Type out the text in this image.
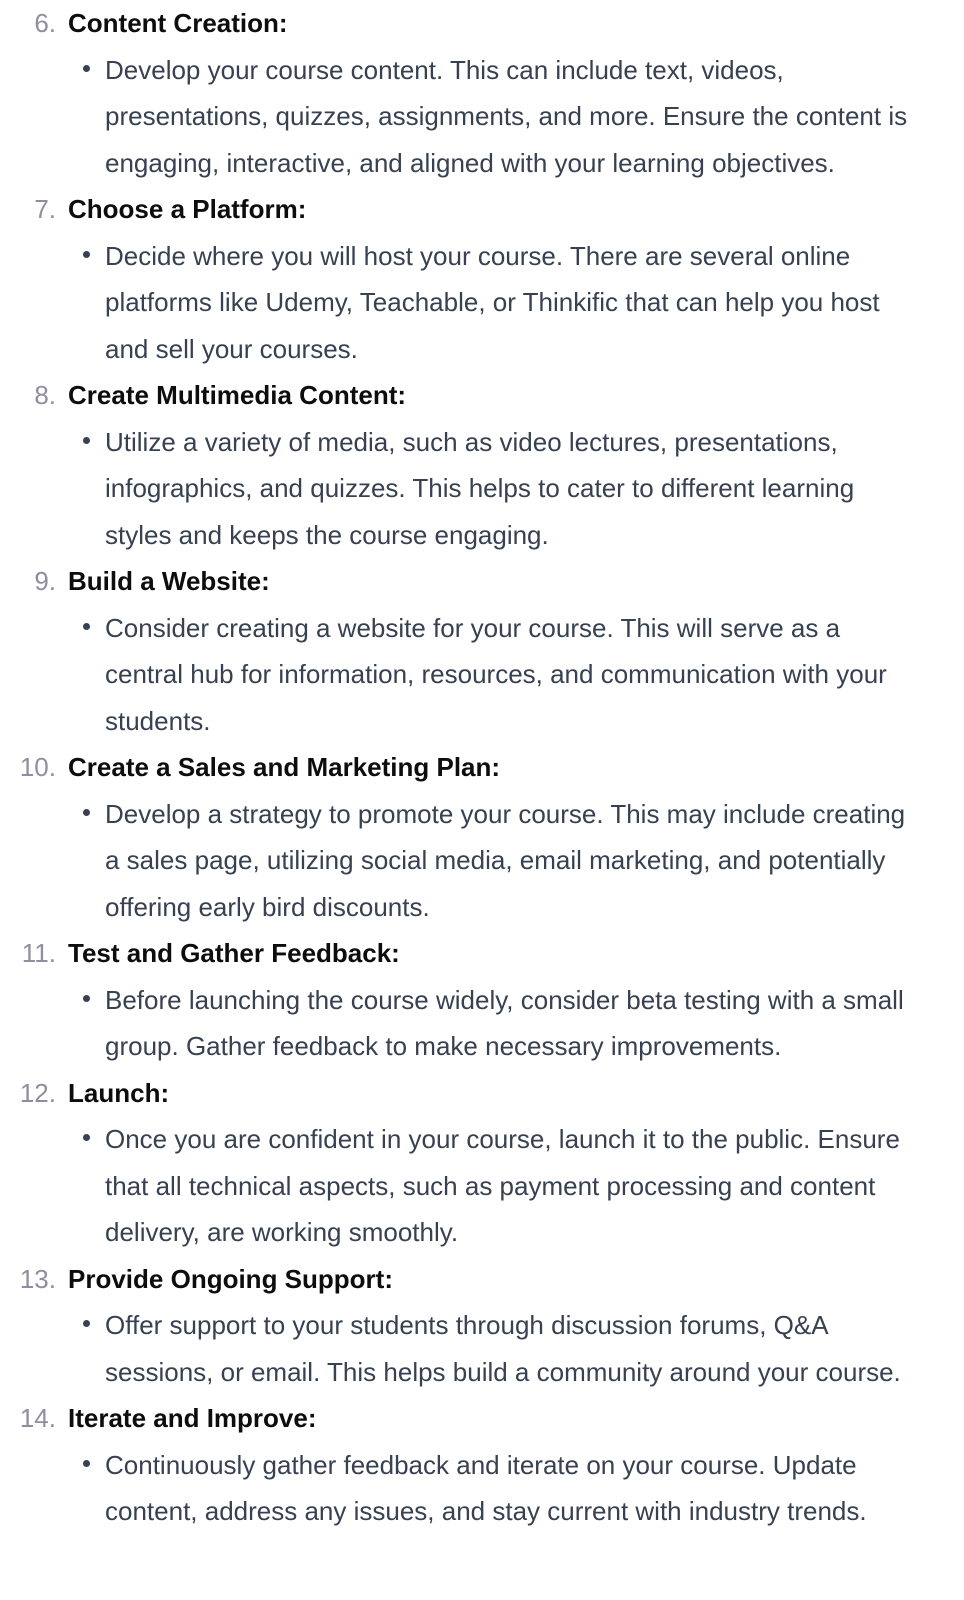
6. Content Creation:
Develop your course content. This can include text, videos, presentations, quizzes, assignments, and more. Ensure the content is engaging, interactive, and aligned with your learning objectives.
7. Choose a Platform:
Decide where you will host your course. There are several online platforms like Udemy, Teachable, or Thinkific that can help you host and sell your courses.
8. Create Multimedia Content:
Utilize a variety of media, such as video lectures, presentations, infographics, and quizzes. This helps to cater to different learning styles and keeps the course engaging.
9. Build a Website:
Consider creating a website for your course. This will serve as a central hub for information, resources, and communication with your students.
10. Create a Sales and Marketing Plan:
Develop a strategy to promote your course. This may include creating a sales page, utilizing social media, email marketing, and potentially offering early bird discounts.
11. Test and Gather Feedback:
Before launching the course widely, consider beta testing with a small group. Gather feedback to make necessary improvements.
12. Launch:
Once you are confident in your course, launch it to the public. Ensure that all technical aspects, such as payment processing and content delivery, are working smoothly.
13. Provide Ongoing Support:
Offer support to your students through discussion forums, Q&A sessions, or email. This helps build a community around your course.
14. Iterate and Improve:
Continuously gather feedback and iterate on your course. Update content, address any issues, and stay current with industry trends.
